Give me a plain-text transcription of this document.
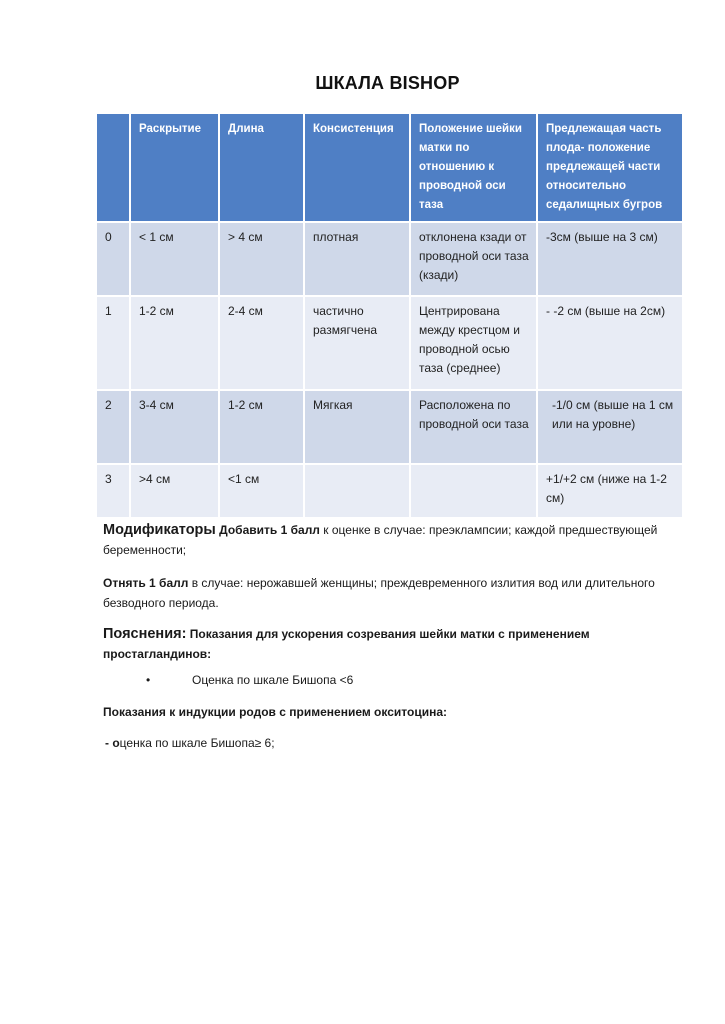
ШКАЛА BISHOP
	Раскрытие	Длина	Консистенция	Положение шейки матки по отношению к проводной оси таза	Предлежащая часть плода- положение предлежащей части относительно седалищных бугров
0	< 1 см	> 4 см	плотная	отклонена кзади от проводной оси таза (кзади)	-3см (выше на 3 см)
1	1-2 см	2-4 см	частично размягчена	Центрирована между крестцом и проводной осью таза (среднее)	- -2 см (выше на 2см)
2	3-4 см	1-2 см	Мягкая	Расположена по проводной оси таза	-1/0 см (выше на 1 см или на уровне)
3	>4 см	<1 см			+1/+2 см (ниже на 1-2 см)
Модификаторы Добавить 1 балл к оценке в случае: преэклампсии; каждой предшествующей беременности;
Отнять 1 балл в случае: нерожавшей женщины; преждевременного излития вод или длительного безводного периода.
Пояснения: Показания для ускорения созревания шейки матки с применением простагландинов:
•	Оценка по шкале Бишопа <6
Показания к индукции родов с применением окситоцина:
- оценка по шкале Бишопа≥ 6;
